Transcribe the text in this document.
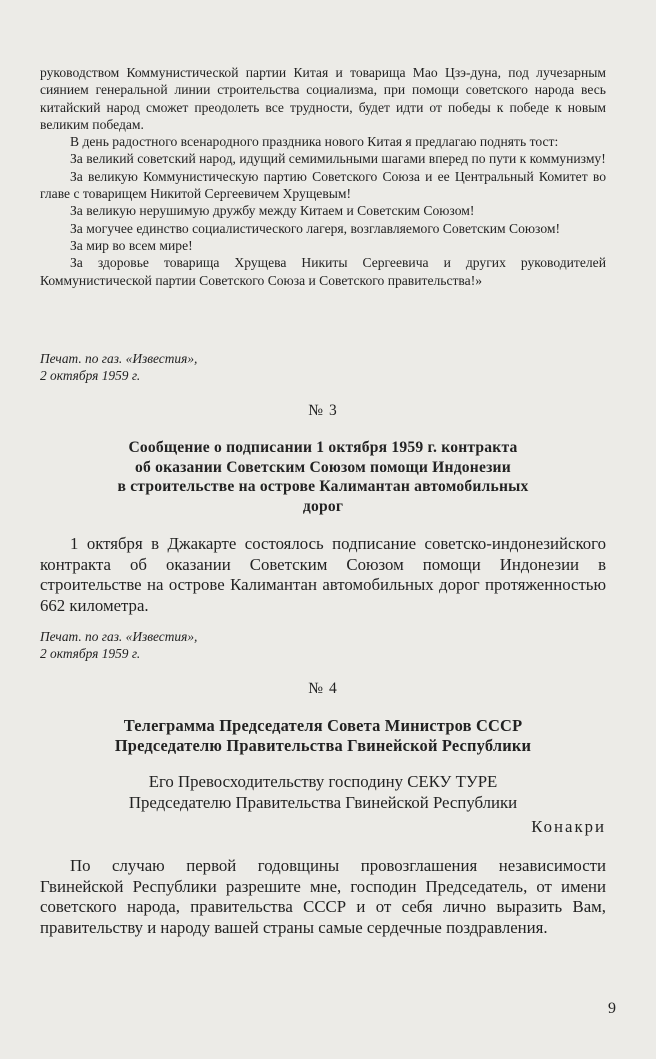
руководством Коммунистической партии Китая и товарища Мао Цзэ-дуна, под лучезарным сиянием генеральной линии строительства социализма, при помощи советского народа весь китайский народ сможет преодолеть все трудности, будет идти от победы к победе к новым великим победам.

В день радостного всенародного праздника нового Китая я предлагаю поднять тост:

За великий советский народ, идущий семимильными шагами вперед по пути к коммунизму!

За великую Коммунистическую партию Советского Союза и ее Центральный Комитет во главе с товарищем Никитой Сергеевичем Хрущевым!

За великую нерушимую дружбу между Китаем и Советским Союзом!

За могучее единство социалистического лагеря, возглавляемого Советским Союзом!

За мир во всем мире!

За здоровье товарища Хрущева Никиты Сергеевича и других руководителей Коммунистической партии Советского Союза и Советского правительства!»

Печат. по газ. «Известия»,

2 октября 1959 г.

№ 3

Сообщение о подписании 1 октября 1959 г. контракта

об оказании Советским Союзом помощи Индонезии

в строительстве на острове Калимантан автомобильных

дорог

1 октября в Джакарте состоялось подписание советско-индонезийского контракта об оказании Советским Союзом помощи Индонезии в строительстве на острове Калимантан автомобильных дорог протяженностью 662 километра.

Печат. по газ. «Известия»,

2 октября 1959 г.

№ 4

Телеграмма Председателя Совета Министров СССР

Председателю Правительства Гвинейской Республики

Его Превосходительству господину СЕКУ ТУРЕ

Председателю Правительства Гвинейской Республики

Конакри

По случаю первой годовщины провозглашения независимости Гвинейской Республики разрешите мне, господин Председатель, от имени советского народа, правительства СССР и от себя лично выразить Вам, правительству и народу вашей страны самые сердечные поздравления.

9
